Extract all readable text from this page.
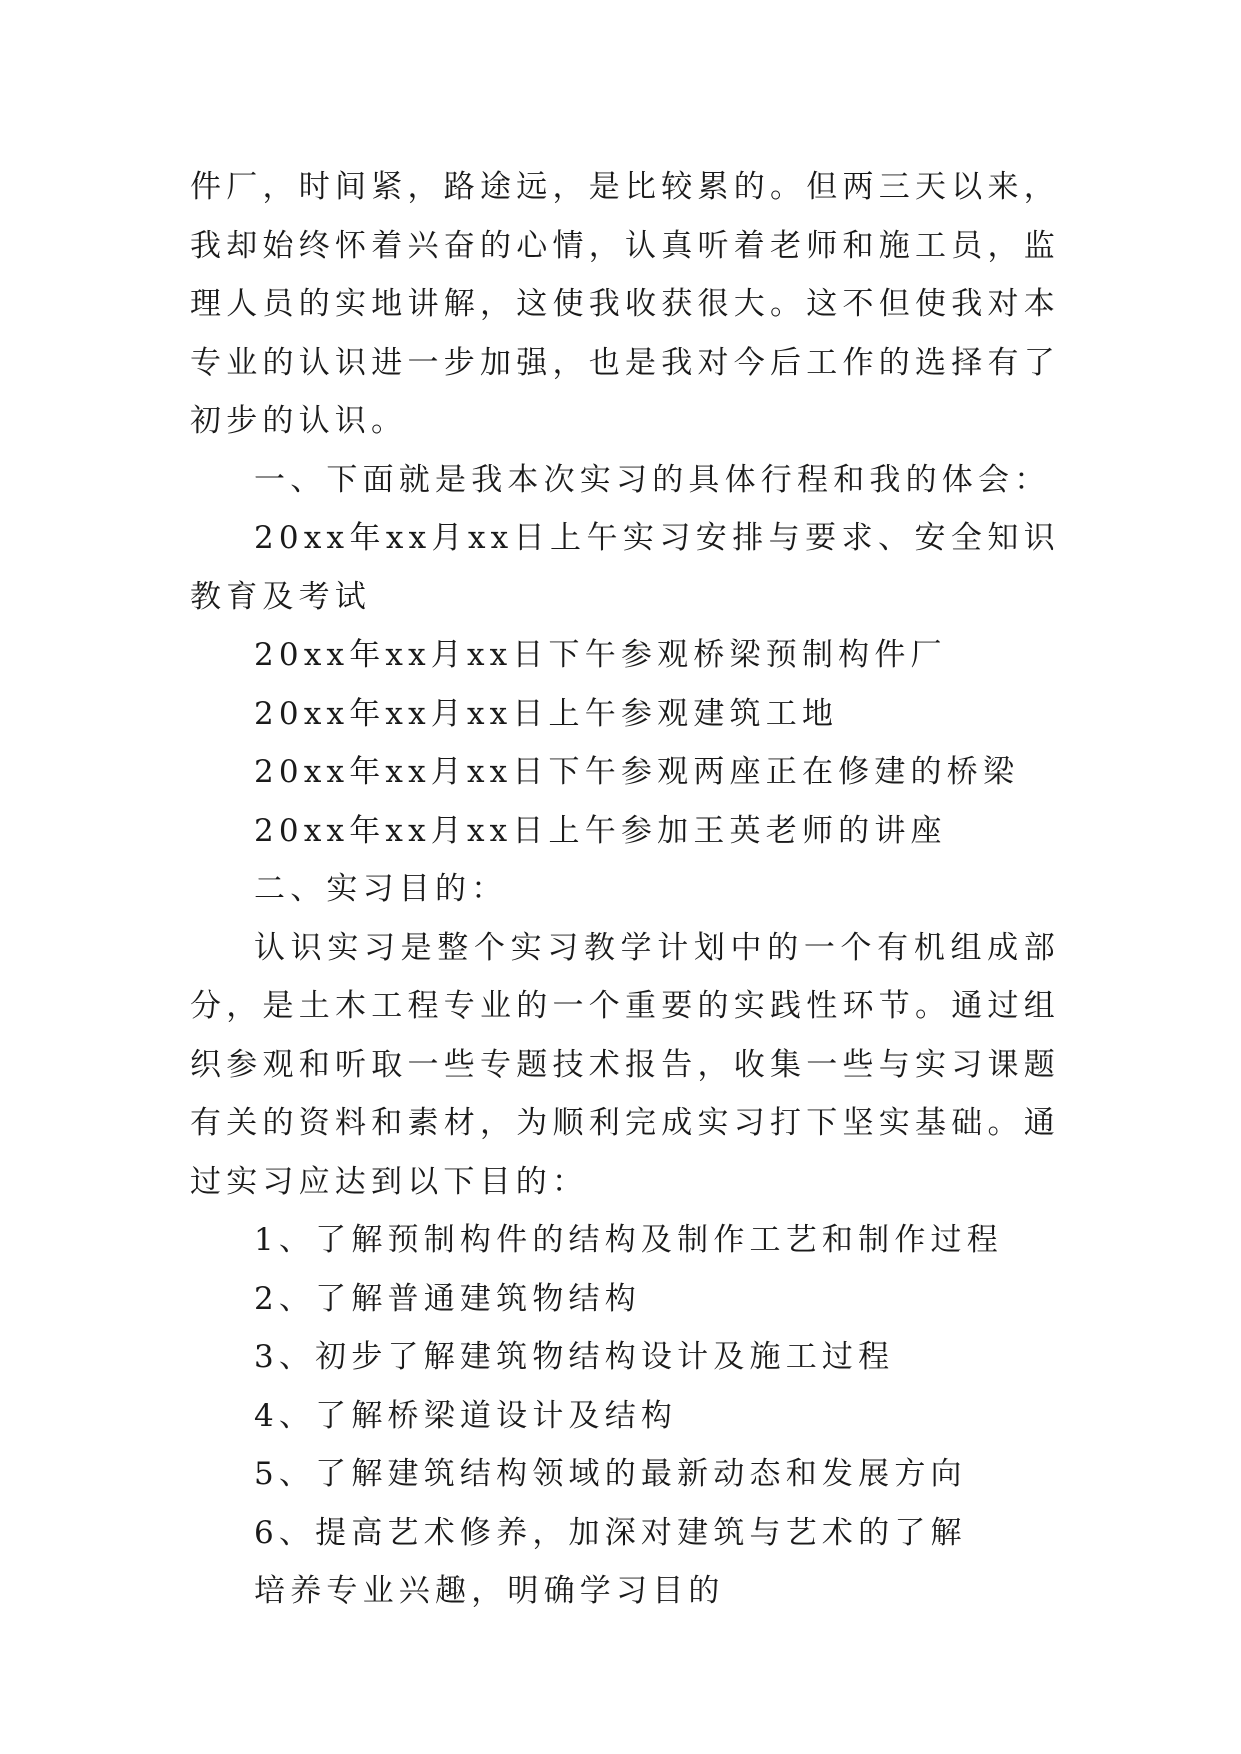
件厂，时间紧，路途远，是比较累的。但两三天以来，我却始终怀着兴奋的心情，认真听着老师和施工员，监理人员的实地讲解，这使我收获很大。这不但使我对本专业的认识进一步加强，也是我对今后工作的选择有了初步的认识。

一、下面就是我本次实习的具体行程和我的体会：

20xx年xx月xx日上午实习安排与要求、安全知识教育及考试

20xx年xx月xx日下午参观桥梁预制构件厂

20xx年xx月xx日上午参观建筑工地

20xx年xx月xx日下午参观两座正在修建的桥梁

20xx年xx月xx日上午参加王英老师的讲座

二、实习目的：

认识实习是整个实习教学计划中的一个有机组成部分，是土木工程专业的一个重要的实践性环节。通过组织参观和听取一些专题技术报告，收集一些与实习课题有关的资料和素材，为顺利完成实习打下坚实基础。通过实习应达到以下目的：

1、了解预制构件的结构及制作工艺和制作过程

2、了解普通建筑物结构

3、初步了解建筑物结构设计及施工过程

4、了解桥梁道设计及结构

5、了解建筑结构领域的最新动态和发展方向

6、提高艺术修养，加深对建筑与艺术的了解

培养专业兴趣，明确学习目的
